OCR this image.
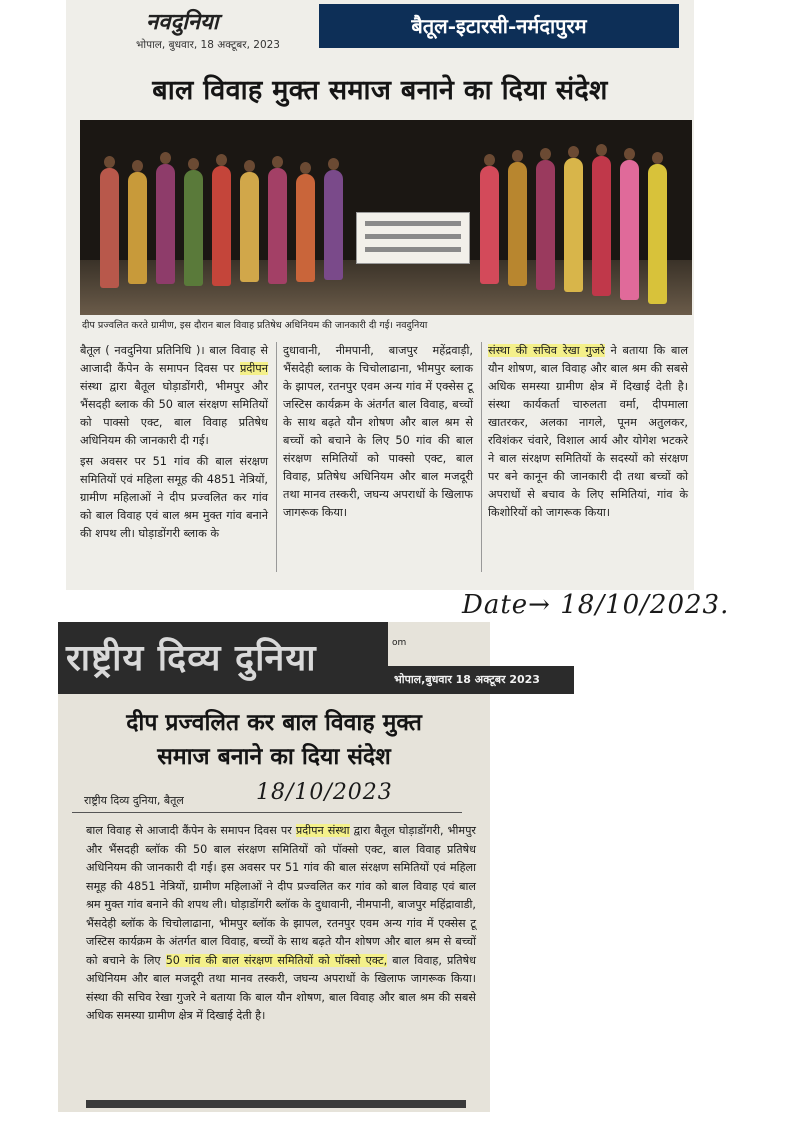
नवदुनिया
भोपाल, बुधवार, 18 अक्टूबर, 2023
बैतूल-इटारसी-नर्मदापुरम
बाल विवाह मुक्त समाज बनाने का दिया संदेश
दीप प्रज्वलित करते ग्रामीण, इस दौरान बाल विवाह प्रतिषेध अधिनियम की जानकारी दी गई। नवदुनिया

बैतूल ( नवदुनिया प्रतिनिधि )। बाल विवाह से आजादी कैंपेन के समापन दिवस पर प्रदीपन संस्था द्वारा बैतूल घोड़ाडोंगरी, भीमपुर और भैंसदही ब्लाक की 50 बाल संरक्षण समितियों को पाक्सो एक्ट, बाल विवाह प्रतिषेध अधिनियम की जानकारी दी गई।

इस अवसर पर 51 गांव की बाल संरक्षण समितियों एवं महिला समूह की 4851 नेत्रियों, ग्रामीण महिलाओं ने दीप प्रज्वलित कर गांव को बाल विवाह एवं बाल श्रम मुक्त गांव बनाने की शपथ ली। घोड़ाडोंगरी ब्लाक के

दुधावानी, नीमपानी, बाजपुर महेंद्रवाड़ी, भैंसदेही ब्लाक के चिचोलाढाना, भीमपुर ब्लाक के झापल, रतनपुर एवम अन्य गांव में एक्सेस टू जस्टिस कार्यक्रम के अंतर्गत बाल विवाह, बच्चों के साथ बढ़ते यौन शोषण और बाल श्रम से बच्चों को बचाने के लिए 50 गांव की बाल संरक्षण समितियों को पाक्सो एक्ट, बाल विवाह, प्रतिषेध अधिनियम और बाल मजदूरी तथा मानव तस्करी, जघन्य अपराधों के खिलाफ जागरूक किया।

संस्था की सचिव रेखा गुजरे ने बताया कि बाल यौन शोषण, बाल विवाह और बाल श्रम की सबसे अधिक समस्या ग्रामीण क्षेत्र में दिखाई देती है। संस्था कार्यकर्ता चारुलता वर्मा, दीपमाला खातरकर, अलका नागले, पूनम अतुलकर, रविशंकर चंवारे, विशाल आर्य और योगेश भटकरे ने बाल संरक्षण समितियों के सदस्यों को संरक्षण पर बने कानून की जानकारी दी तथा बच्चों को अपराधों से बचाव के लिए समितियां, गांव के किशोरियों को जागरूक किया।

Date→ 18/10/2023.
राष्ट्रीय दिव्य दुनिया	om
भोपाल,बुधवार 18 अक्टूबर 2023
दीप प्रज्वलित कर बाल विवाह मुक्त
समाज बनाने का दिया संदेश
राष्ट्रीय दिव्य दुनिया, बैतूल	18/10/2023
बाल विवाह से आजादी कैंपेन के समापन दिवस पर प्रदीपन संस्था द्वारा बैतूल घोड़ाडोंगरी, भीमपुर और भैंसदही ब्लॉक की 50 बाल संरक्षण समितियों को पॉक्सो एक्ट, बाल विवाह प्रतिषेध अधिनियम की जानकारी दी गई। इस अवसर पर 51 गांव की बाल संरक्षण समितियों एवं महिला समूह की 4851 नेत्रियों, ग्रामीण महिलाओं ने दीप प्रज्वलित कर गांव को बाल विवाह एवं बाल श्रम मुक्त गांव बनाने की शपथ ली। घोड़ाडोंगरी ब्लॉक के दुधावानी, नीमपानी, बाजपुर महिंद्रावाडी, भैंसदेही ब्लॉक के चिचोलाढाना, भीमपुर ब्लॉक के झापल, रतनपुर एवम अन्य गांव में एक्सेस टू जस्टिस कार्यक्रम के अंतर्गत बाल विवाह, बच्चों के साथ बढ़ते यौन शोषण और बाल श्रम से बच्चों को बचाने के लिए 50 गांव की बाल संरक्षण समितियों को पॉक्सो एक्ट, बाल विवाह, प्रतिषेध अधिनियम और बाल मजदूरी तथा मानव तस्करी, जघन्य अपराधों के खिलाफ जागरूक किया। संस्था की सचिव रेखा गुजरे ने बताया कि बाल यौन शोषण, बाल विवाह और बाल श्रम की सबसे अधिक समस्या ग्रामीण क्षेत्र में दिखाई देती है।
